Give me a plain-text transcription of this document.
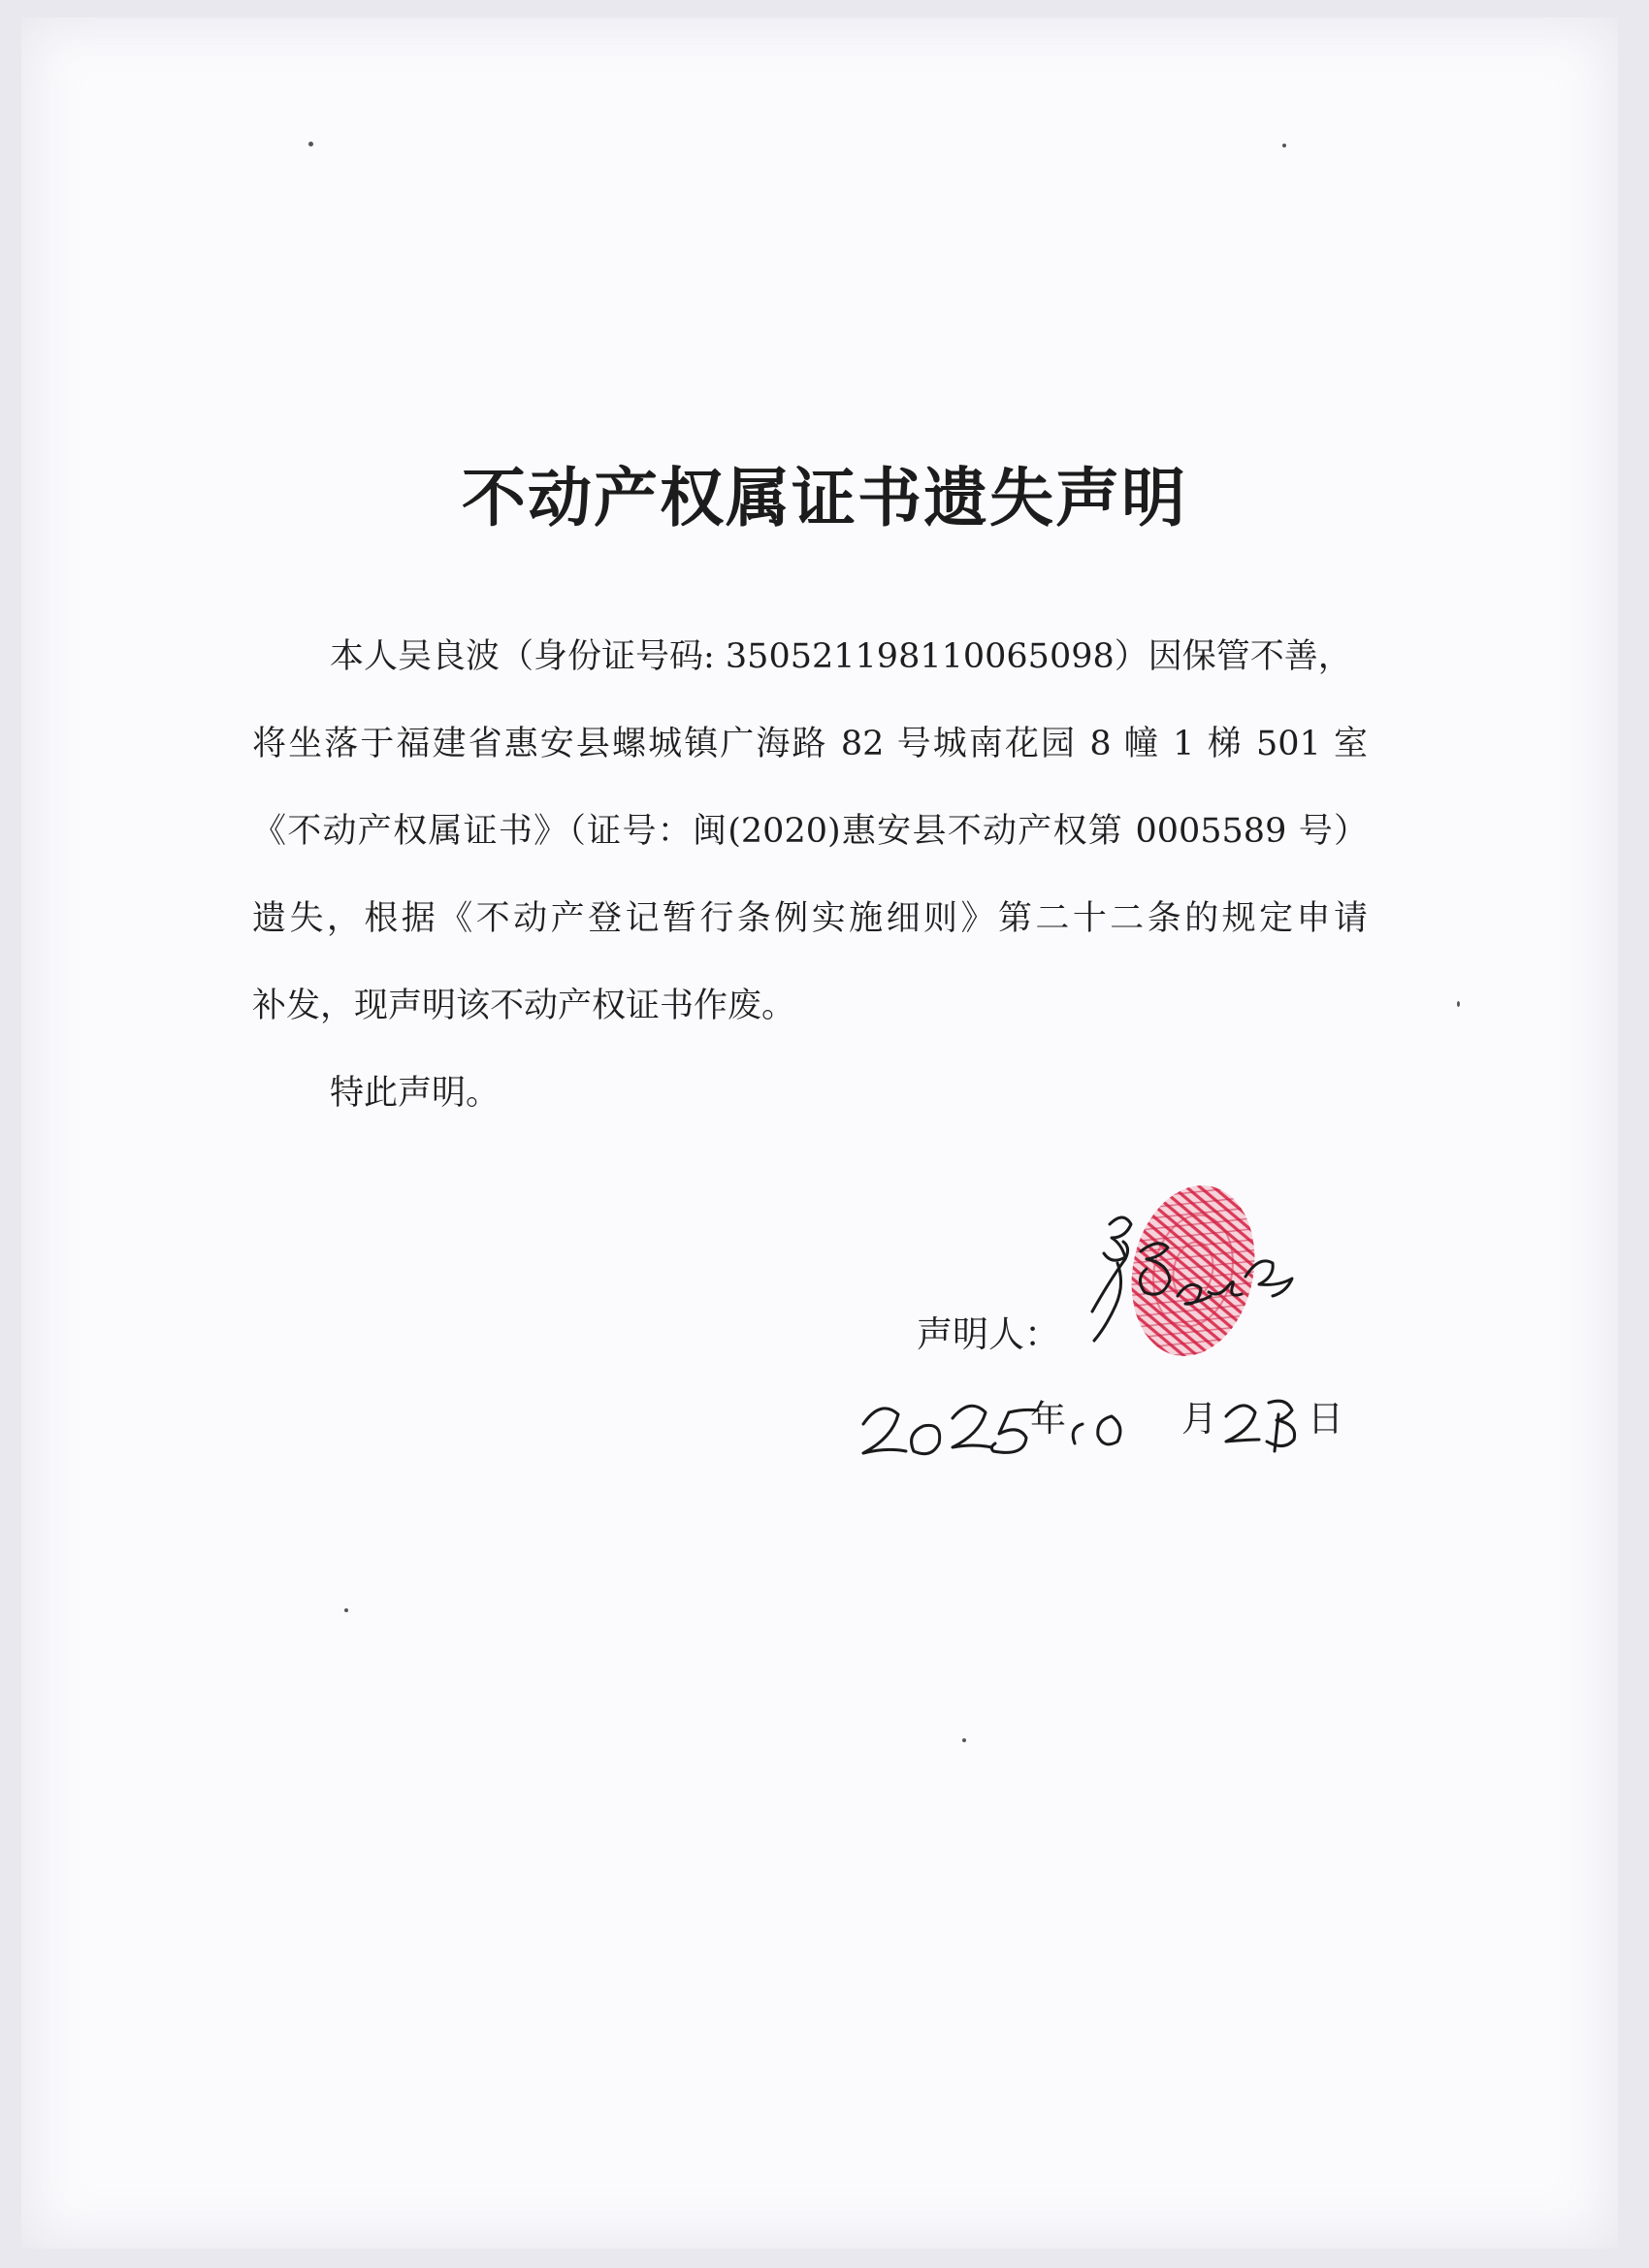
不动产权属证书遗失声明
本人吴良波（身份证号码: 350521198110065098）因保管不善，
将坐落于福建省惠安县螺城镇广海路 82 号城南花园 8 幢 1 梯 501 室
《不动产权属证书》（证号：闽(2020)惠安县不动产权第 0005589 号）
遗失，根据《不动产登记暂行条例实施细则》第二十二条的规定申请
补发，现声明该不动产权证书作废。
特此声明。
声明人：
年	月	日
